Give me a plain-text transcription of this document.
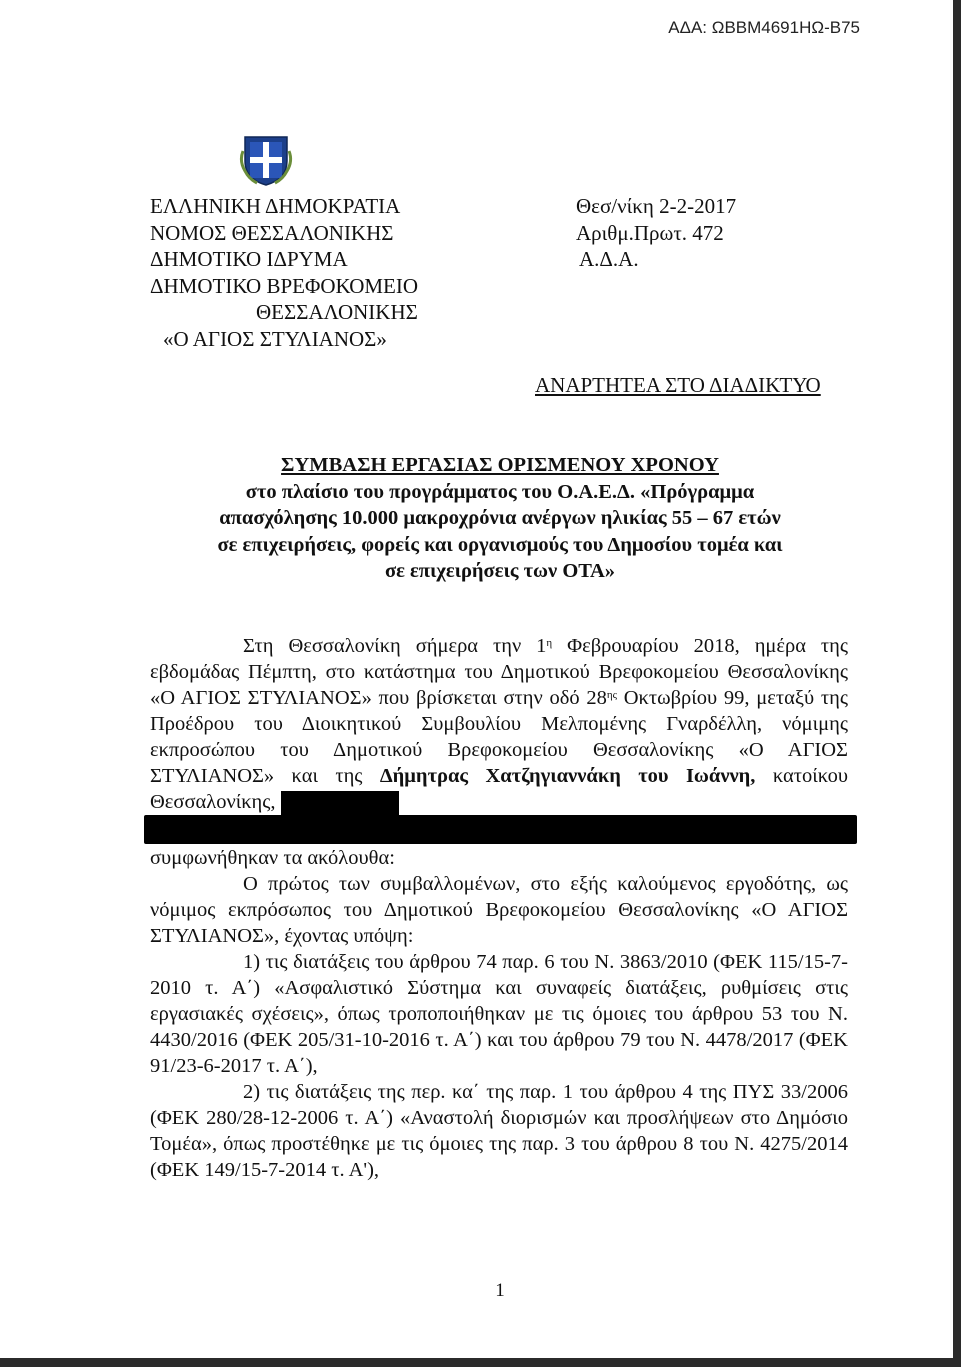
ΑΔΑ: ΩΒΒΜ4691ΗΩ-Β75
ΕΛΛΗΝΙΚΗ ΔΗΜΟΚΡΑΤΙΑ
ΝΟΜΟΣ ΘΕΣΣΑΛΟΝΙΚΗΣ
ΔΗΜΟΤΙΚΟ ΙΔΡΥΜΑ
ΔΗΜΟΤΙΚΟ ΒΡΕΦΟΚΟΜΕΙΟ
ΘΕΣΣΑΛΟΝΙΚΗΣ
«Ο ΑΓΙΟΣ ΣΤΥΛΙΑΝΟΣ»
Θεσ/νίκη 2-2-2017
Αριθμ.Πρωτ. 472
Α.Δ.Α.
ΑΝΑΡΤΗΤΕΑ ΣΤΟ ΔΙΑΔΙΚΤΥΟ
ΣΥΜΒΑΣΗ ΕΡΓΑΣΙΑΣ ΟΡΙΣΜΕΝΟΥ ΧΡΟΝΟΥ
στο πλαίσιο του προγράμματος του Ο.Α.Ε.Δ. «Πρόγραμμα
απασχόλησης 10.000 μακροχρόνια ανέργων ηλικίας 55 – 67 ετών
σε επιχειρήσεις, φορείς και οργανισμούς του Δημοσίου τομέα και
σε επιχειρήσεις των ΟΤΑ»

Στη Θεσσαλονίκη σήμερα την $1^\eta$ Φεβρουαρίου 2018, ημέρα της εβδομάδας Πέμπτη, στο κατάστημα του Δημοτικού Βρεφοκομείου Θεσσαλονίκης «Ο ΑΓΙΟΣ ΣΤΥΛΙΑΝΟΣ» που βρίσκεται στην οδό $28^{\eta\varsigma}$ Οκτωβρίου 99, μεταξύ της Προέδρου του Διοικητικού Συμβουλίου Μελπομένης Γναρδέλλη, νόμιμης εκπροσώπου του Δημοτικού Βρεφοκομείου Θεσσαλονίκης «Ο ΑΓΙΟΣ ΣΤΥΛΙΑΝΟΣ» και της Δήμητρας Χατζηγιαννάκη του Ιωάννη, κατοίκου Θεσσαλονίκης,

συμφωνήθηκαν τα ακόλουθα:

Ο πρώτος των συμβαλλομένων, στο εξής καλούμενος εργοδότης, ως νόμιμος εκπρόσωπος του Δημοτικού Βρεφοκομείου Θεσσαλονίκης «Ο ΑΓΙΟΣ ΣΤΥΛΙΑΝΟΣ», έχοντας υπόψη:

1) τις διατάξεις του άρθρου 74 παρ. 6 του Ν. 3863/2010 (ΦΕΚ 115/15-7-2010 τ. Α΄) «Ασφαλιστικό Σύστημα και συναφείς διατάξεις, ρυθμίσεις στις εργασιακές σχέσεις», όπως τροποποιήθηκαν με τις όμοιες του άρθρου 53 του Ν. 4430/2016 (ΦΕΚ 205/31-10-2016 τ. Α΄) και του άρθρου 79 του Ν. 4478/2017 (ΦΕΚ 91/23-6-2017 τ. Α΄),

2) τις διατάξεις της περ. κα΄ της παρ. 1 του άρθρου 4 της ΠΥΣ 33/2006 (ΦΕΚ 280/28-12-2006 τ. Α΄) «Αναστολή διορισμών και προσλήψεων στο Δημόσιο Τομέα», όπως προστέθηκε με τις όμοιες της παρ. 3 του άρθρου 8 του Ν. 4275/2014 (ΦΕΚ 149/15-7-2014 τ. Α'),

1
